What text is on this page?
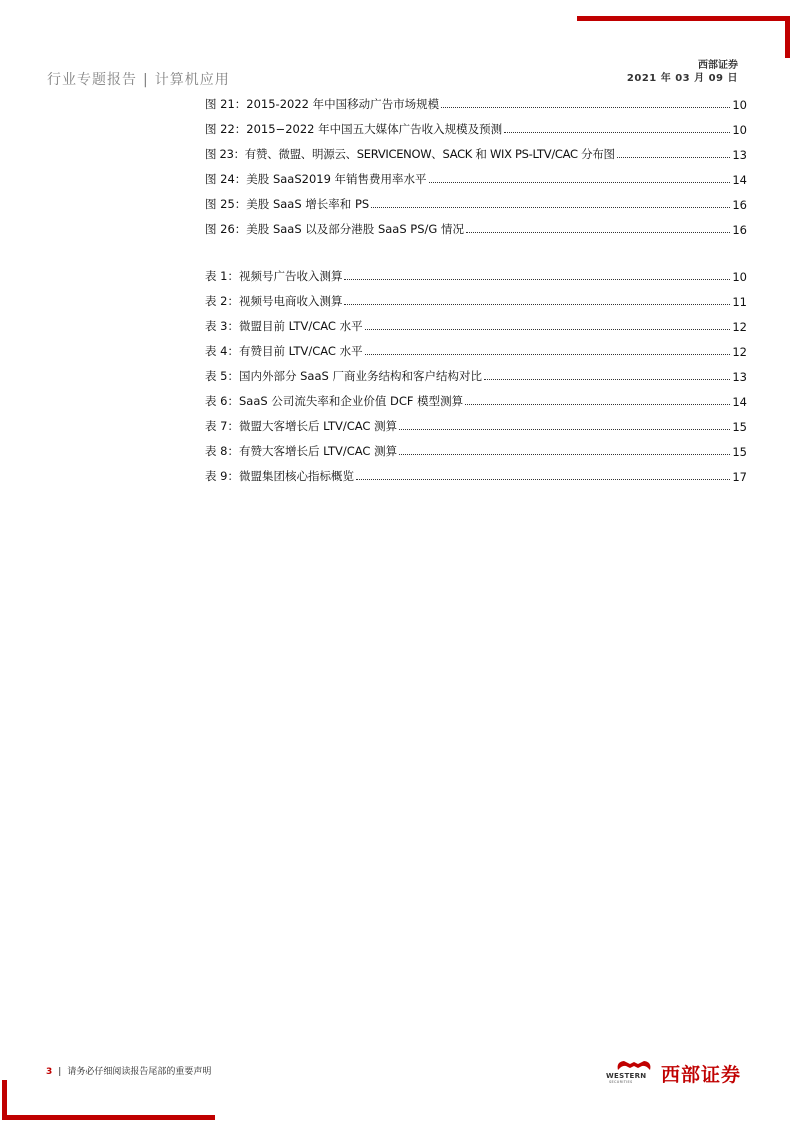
行业专题报告 | 计算机应用
西部证券
2021 年 03 月 09 日
图 21：2015-2022 年中国移动广告市场规模	10
图 22：2015−2022 年中国五大媒体广告收入规模及预测	10
图 23：有赞、微盟、明源云、SERVICENOW、SACK 和 WIX PS-LTV/CAC 分布图	13
图 24：美股 SaaS2019 年销售费用率水平	14
图 25：美股 SaaS 增长率和 PS	16
图 26：美股 SaaS 以及部分港股 SaaS PS/G 情况	16
表 1：视频号广告收入测算	10
表 2：视频号电商收入测算	11
表 3：微盟目前 LTV/CAC 水平	12
表 4：有赞目前 LTV/CAC 水平	12
表 5：国内外部分 SaaS 厂商业务结构和客户结构对比	13
表 6：SaaS 公司流失率和企业价值 DCF 模型测算	14
表 7：微盟大客增长后 LTV/CAC 测算	15
表 8：有赞大客增长后 LTV/CAC 测算	15
表 9：微盟集团核心指标概览	17
3 | 请务必仔细阅读报告尾部的重要声明	WESTERN
SECURITIES 西部证券
